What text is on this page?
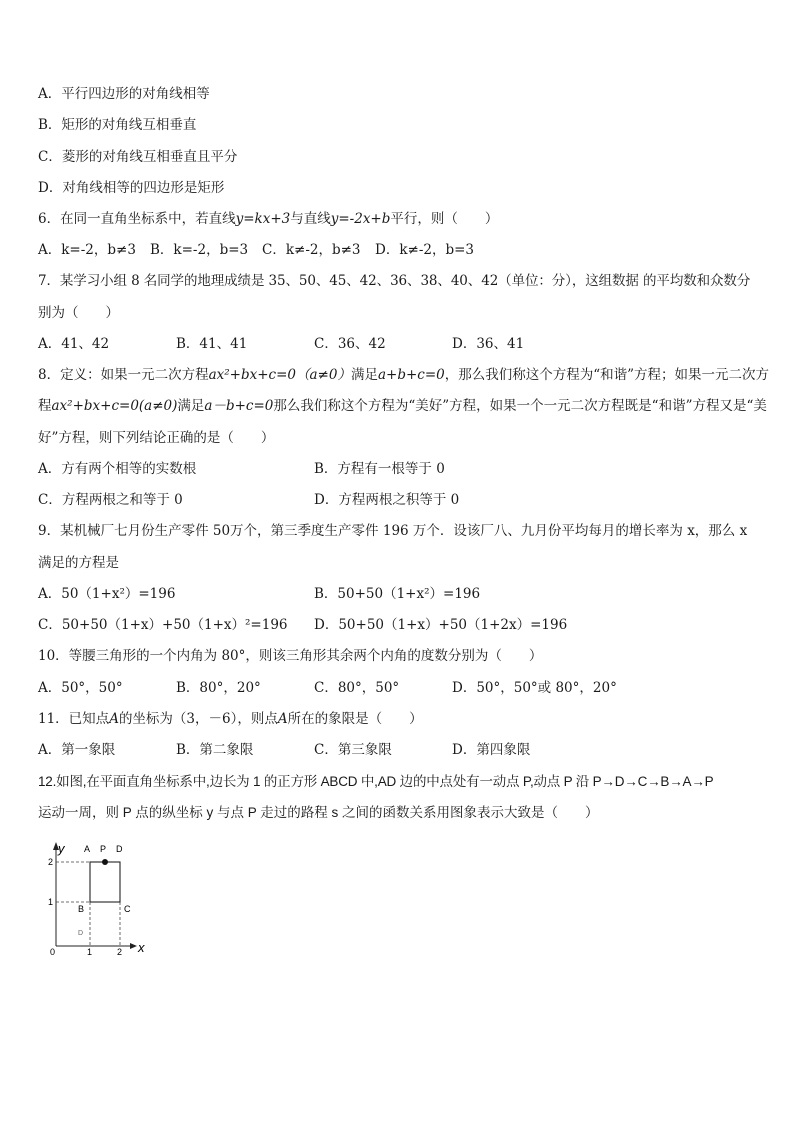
A．平行四边形的对角线相等
B．矩形的对角线互相垂直
C．菱形的对角线互相垂直且平分
D．对角线相等的四边形是矩形
6．在同一直角坐标系中，若直线y=kx+3与直线y=-2x+b平行，则（　　）
A．k=-2，b≠3 B．k=-2，b=3 C．k≠-2，b≠3 D．k≠-2，b=3
7．某学习小组 8 名同学的地理成绩是 35、50、45、42、36、38、40、42（单位：分），这组数据 的平均数和众数分
别为（　　）
A．41、42	B．41、41	C．36、42	D．36、41
8．定义：如果一元二次方程ax²+bx+c=0（a≠0）满足a+b+c=0，那么我们称这个方程为“和谐”方程；如果一元二次方
程ax²+bx+c=0(a≠0)满足a－b+c=0那么我们称这个方程为“美好”方程，如果一个一元二次方程既是“和谐”方程又是“美
好”方程，则下列结论正确的是（　　）
A．方有两个相等的实数根	B．方程有一根等于 0
C．方程两根之和等于 0	D．方程两根之积等于 0
9．某机械厂七月份生产零件 50万个，第三季度生产零件 196 万个．设该厂八、九月份平均每月的增长率为 x，那么 x
满足的方程是
A．50（1+x²）=196	B．50+50（1+x²）=196
C．50+50（1+x）+50（1+x）²=196 D．50+50（1+x）+50（1+2x）=196
10．等腰三角形的一个内角为 80°，则该三角形其余两个内角的度数分别为（　　）
A．50°，50°	B．80°，20°	C．80°，50°	D．50°，50°或 80°，20°
11．已知点A的坐标为（3，－6），则点A所在的象限是（　　）
A．第一象限	B．第二象限	C．第三象限	D．第四象限
12.如图,在平面直角坐标系中,边长为 1 的正方形 ABCD 中,AD 边的中点处有一动点 P,动点 P 沿 P→D→C→B→A→P
运动一周，则 P 点的纵坐标 y 与点 P 走过的路程 s 之间的函数关系用图象表示大致是（　　）
y
x
A P D
B	C
D
2
1
0	1	2
